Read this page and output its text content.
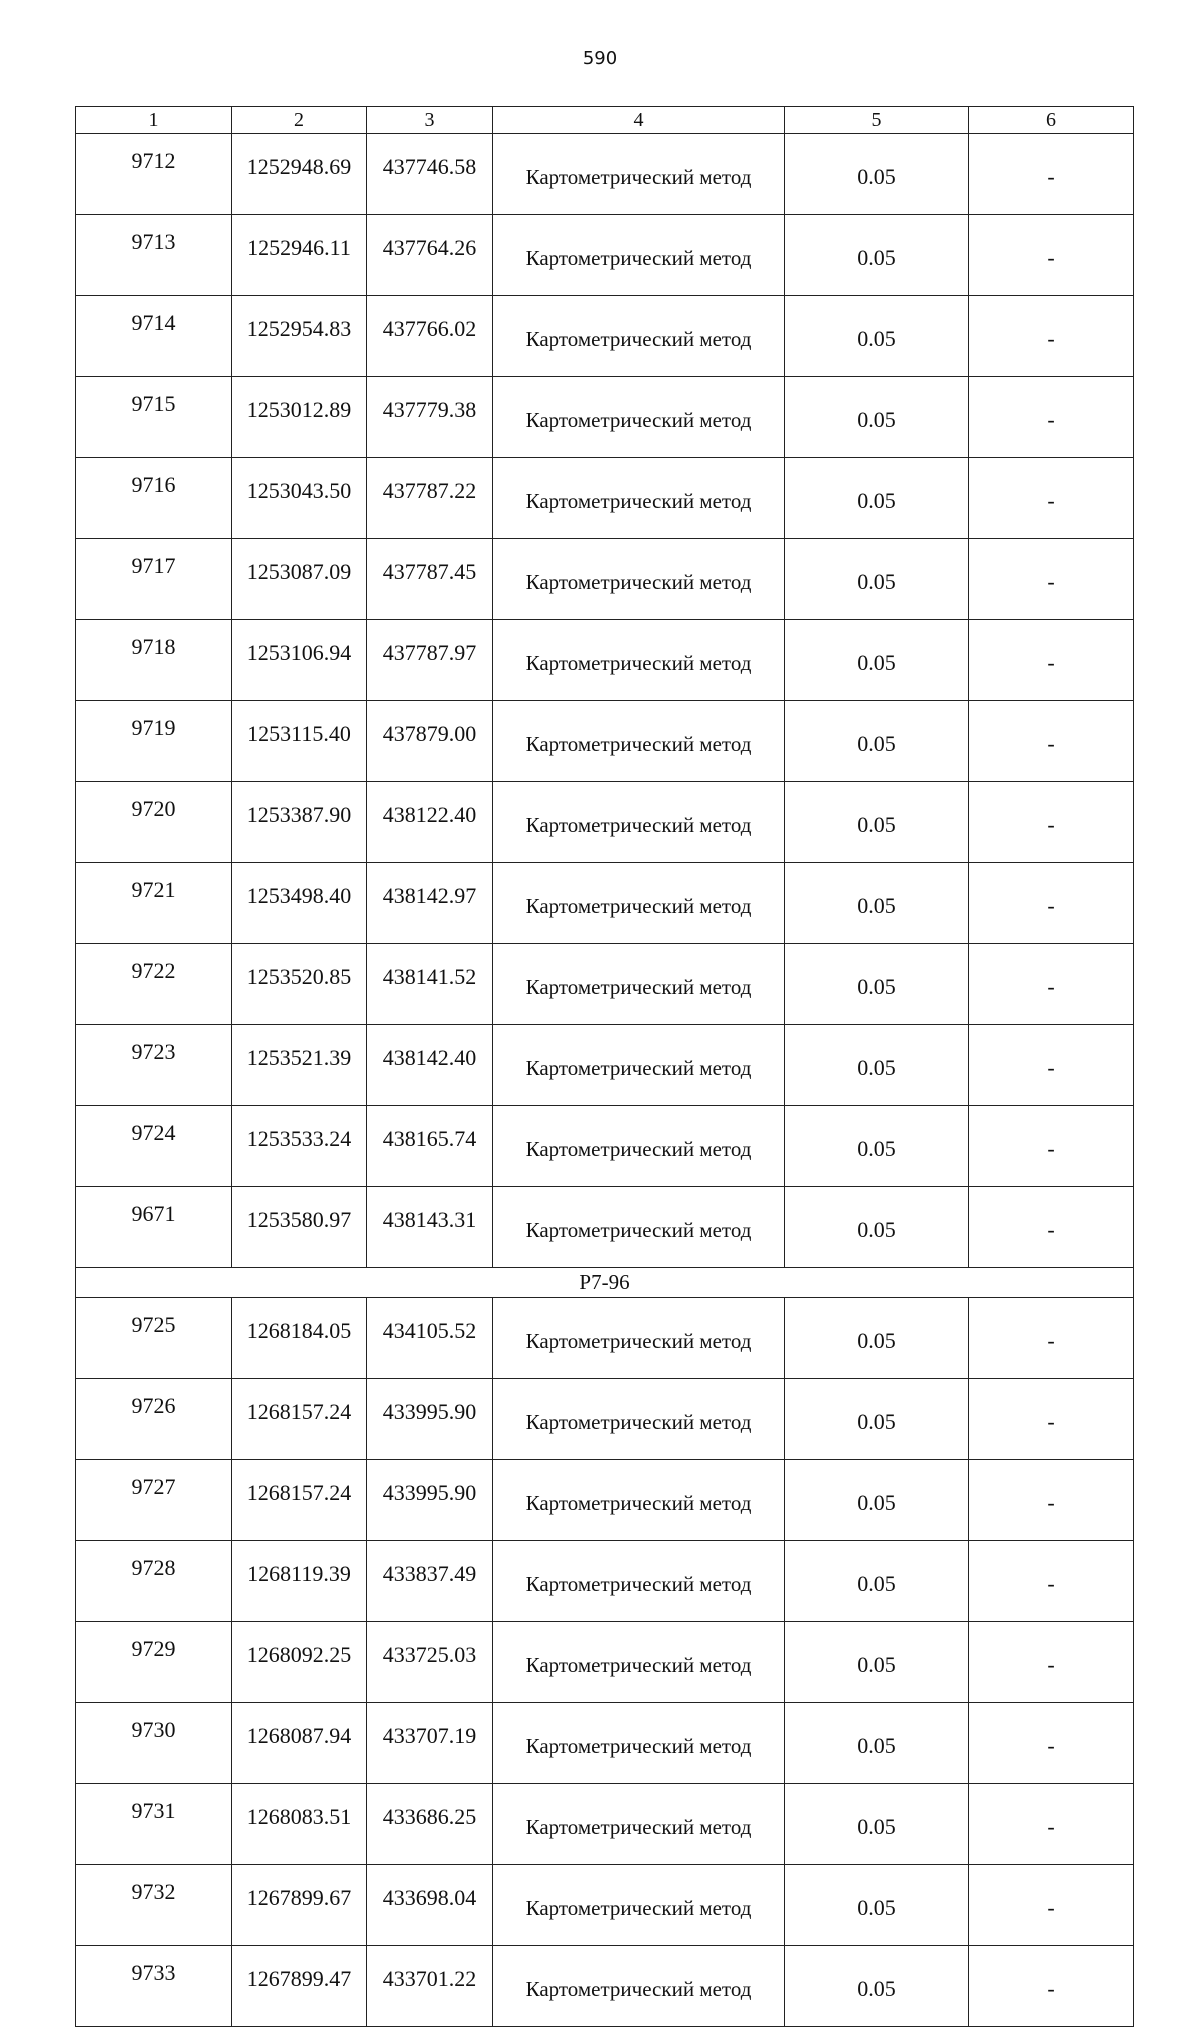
590
1	2	3	4	5	6
9712	1252948.69	437746.58	Картометрический метод	0.05	-
9713	1252946.11	437764.26	Картометрический метод	0.05	-
9714	1252954.83	437766.02	Картометрический метод	0.05	-
9715	1253012.89	437779.38	Картометрический метод	0.05	-
9716	1253043.50	437787.22	Картометрический метод	0.05	-
9717	1253087.09	437787.45	Картометрический метод	0.05	-
9718	1253106.94	437787.97	Картометрический метод	0.05	-
9719	1253115.40	437879.00	Картометрический метод	0.05	-
9720	1253387.90	438122.40	Картометрический метод	0.05	-
9721	1253498.40	438142.97	Картометрический метод	0.05	-
9722	1253520.85	438141.52	Картометрический метод	0.05	-
9723	1253521.39	438142.40	Картометрический метод	0.05	-
9724	1253533.24	438165.74	Картометрический метод	0.05	-
9671	1253580.97	438143.31	Картометрический метод	0.05	-
Р7-96					
9725	1268184.05	434105.52	Картометрический метод	0.05	-
9726	1268157.24	433995.90	Картометрический метод	0.05	-
9727	1268157.24	433995.90	Картометрический метод	0.05	-
9728	1268119.39	433837.49	Картометрический метод	0.05	-
9729	1268092.25	433725.03	Картометрический метод	0.05	-
9730	1268087.94	433707.19	Картометрический метод	0.05	-
9731	1268083.51	433686.25	Картометрический метод	0.05	-
9732	1267899.67	433698.04	Картометрический метод	0.05	-
9733	1267899.47	433701.22	Картометрический метод	0.05	-
